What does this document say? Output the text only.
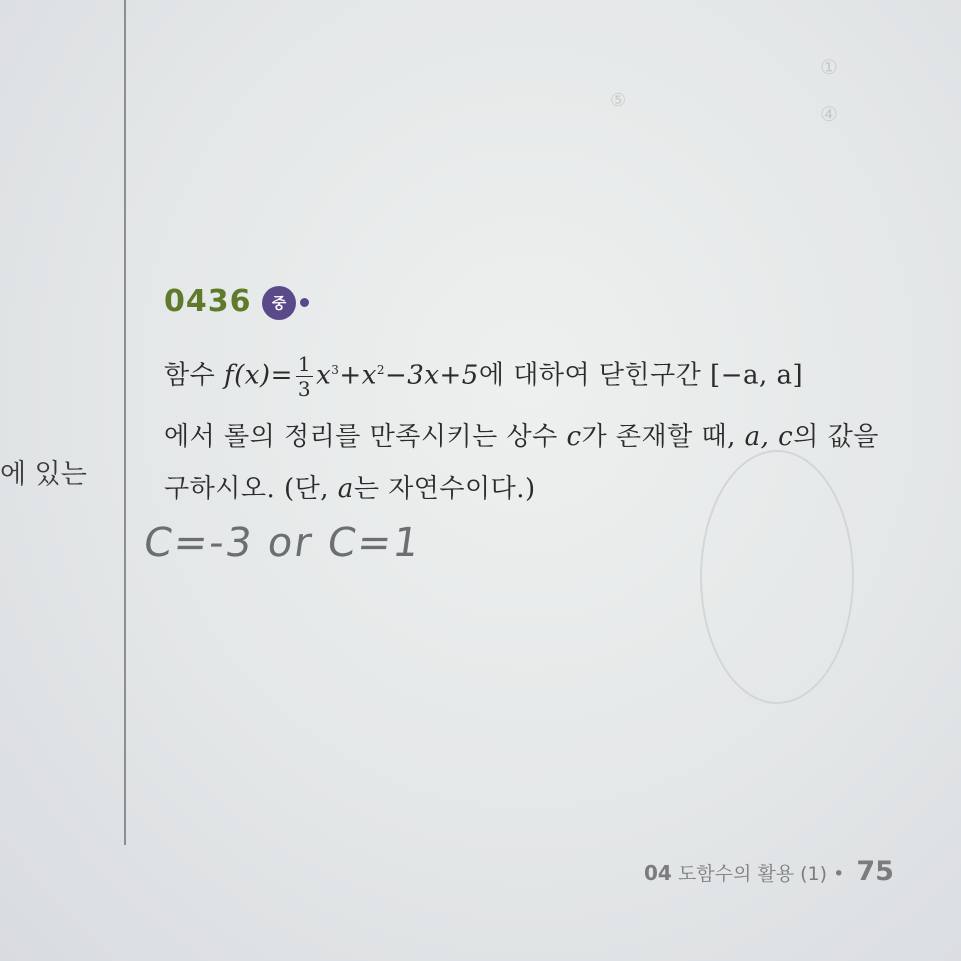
①
④
⑤
에 있는
0436	중
함수 $f(x)= \frac{1}{3} x^3+x^2-3x+5$에 대하여 닫힌구간 [−a, a]
에서 롤의 정리를 만족시키는 상수 c가 존재할 때, a, c의 값을
구하시오. (단, a는 자연수이다.)
C=-3 or C=1
04 도함수의 활용 (1) • 75
